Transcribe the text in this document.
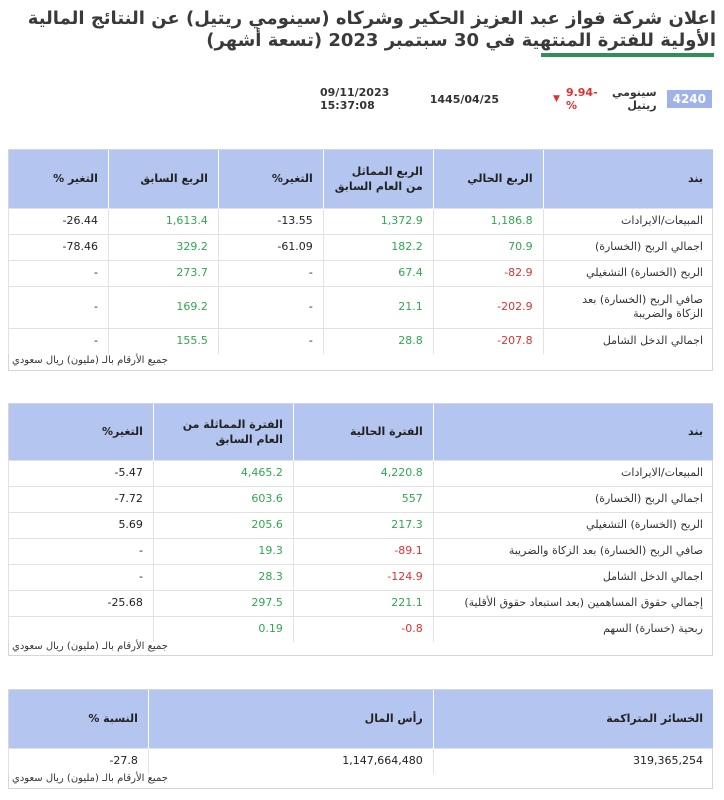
اعلان شركة فواز عبد العزيز الحكير وشركاه (سينومي ريتيل) عن النتائج المالية الأولية للفترة المنتهية في 30 سبتمبر 2023 (تسعة أشهر)
4240
سينومي ريتيل
9.94- %
▼
1445/04/25
09/11/2023 15:37:08
بند	الربع الحالي	الربع المماثل من العام السابق	التغير%	الربع السابق	التغير %
المبيعات/الايرادات	1,186.8	1,372.9	13.55-	1,613.4	26.44-
اجمالي الربح (الخسارة)	70.9	182.2	61.09-	329.2	78.46-
الربح (الخسارة) التشغيلي	82.9-	67.4	-	273.7	-
صافي الربح (الخسارة) بعد الزكاة والضريبة	202.9-	21.1	-	169.2	-
اجمالي الدخل الشامل	207.8-	28.8	-	155.5	-
جميع الأرقام بالـ (مليون) ريال سعودي
بند	الفترة الحالية	الفترة المماثلة من العام السابق	التغير%
المبيعات/الايرادات	4,220.8	4,465.2	5.47-
اجمالي الربح (الخسارة)	557	603.6	7.72-
الربح (الخسارة) التشغيلي	217.3	205.6	5.69
صافي الربح (الخسارة) بعد الزكاة والضريبة	89.1-	19.3	-
اجمالي الدخل الشامل	124.9-	28.3	-
إجمالي حقوق المساهمين (بعد استبعاد حقوق الأقلية)	221.1	297.5	25.68-
ربحية (خسارة) السهم	0.8-	0.19	
جميع الأرقام بالـ (مليون) ريال سعودي
الخسائر المتراكمة	رأس المال	النسبة %
319,365,254	1,147,664,480	27.8-
جميع الأرقام بالـ (مليون) ريال سعودي
